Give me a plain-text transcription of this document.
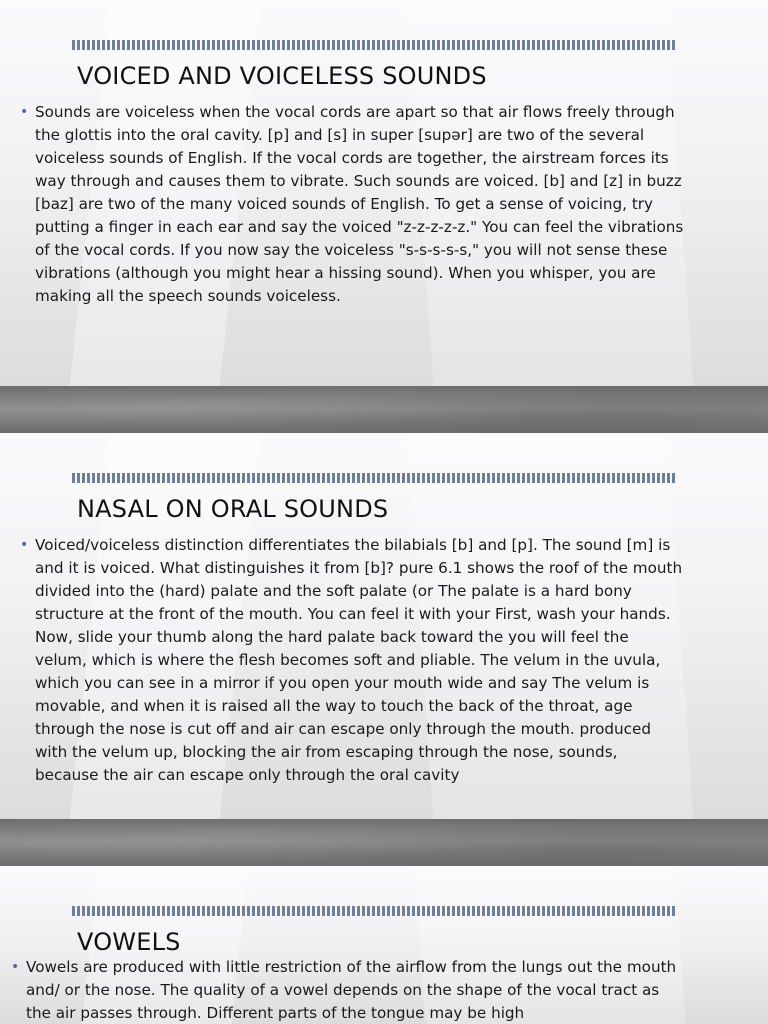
VOICED AND VOICELESS SOUNDS
• Sounds are voiceless when the vocal cords are apart so that air flows freely through the glottis into the oral cavity. [p] and [s] in super [supər] are two of the several voiceless sounds of English. If the vocal cords are together, the airstream forces its way through and causes them to vibrate. Such sounds are voiced. [b] and [z] in buzz [baz] are two of the many voiced sounds of English. To get a sense of voicing, try putting a finger in each ear and say the voiced "z-z-z-z-z." You can feel the vibrations of the vocal cords. If you now say the voiceless "s-s-s-s-s," you will not sense these vibrations (although you might hear a hissing sound). When you whisper, you are making all the speech sounds voiceless.

NASAL ON ORAL SOUNDS
• Voiced/voiceless distinction differentiates the bilabials [b] and [p]. The sound [m] is and it is voiced. What distinguishes it from [b]? pure 6.1 shows the roof of the mouth divided into the (hard) palate and the soft palate (or The palate is a hard bony structure at the front of the mouth. You can feel it with your First, wash your hands. Now, slide your thumb along the hard palate back toward the you will feel the velum, which is where the flesh becomes soft and pliable. The velum in the uvula, which you can see in a mirror if you open your mouth wide and say The velum is movable, and when it is raised all the way to touch the back of the throat, age through the nose is cut off and air can escape only through the mouth. produced with the velum up, blocking the air from escaping through the nose, sounds, because the air can escape only through the oral cavity

VOWELS
• Vowels are produced with little restriction of the airflow from the lungs out the mouth and/ or the nose. The quality of a vowel depends on the shape of the vocal tract as the air passes through. Different parts of the tongue may be high
